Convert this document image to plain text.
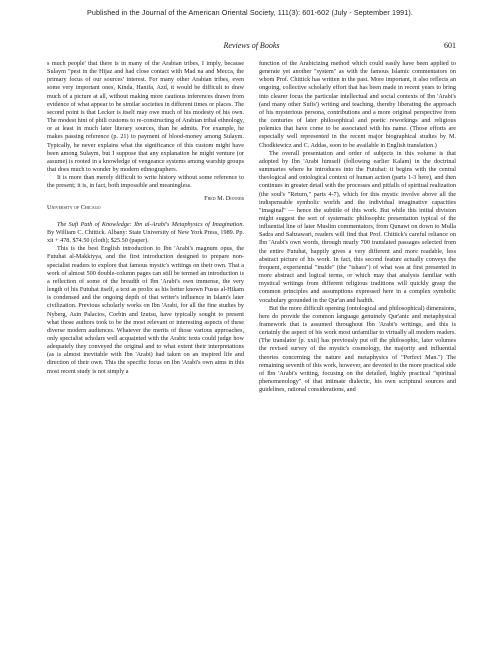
Published in the Journal of the American Oriental Society, 111(3): 601-602 (July - September 1991).
Reviews of Books	601

s much people' that there is in many of the Arabian tribes, I imply, because Sulaym "pest in the Hijaz and had close contact with Mad na and Mecca, the primary focus of our sources' interest. For many other Arabian tribes, even some very important ones, Kinda, Hanifa, Azd, it would be difficult to draw much of a picture at all, without making more cautious inferences drawn from evidence of what appear to be similar societies in different times or places. The second point is that Lecker is itself may owe much of his modesty of his own. The modest hint of phili customs to re-constructing of Arabian tribal ethnology, or at least in much later literary sources, than he admits. For example, he makes passing reference (p. 21) to payment of blood-money among Sulaym. Typically, he never explains what the significance of this custom might have been among Sulaym, but I suppose that any explanation he might venture (or assume) is rooted in a knowledge of vengeance systems among warship groups that does much to wonder by modern ethnographers.

It is more than merely difficult to write history without some reference to the present; it is, in fact, both impossible and meaningless.

Fred M. Donner
University of Chicago

The Sufi Path of Knowledge: Ibn al-Arabi's Metaphysics of Imagination. By William C. Chittick. Albany: State University of New York Press, 1989. Pp. xii + 478. $74.50 (cloth); $25.50 (paper).

This is the best English introduction to Ibn 'Arabi's magnum opus, the Futuhat al-Makkiyya, and the first introduction designed to prepare non-specialist readers to explore that famous mystic's writings on their own. That a work of almost 500 double-column pages can still be termed an introduction is a reflection of some of the breadth of Ibn 'Arabi's own immense, the very length of his Futuhat itself, a text as prolix as his better known Fusus al-Hikam is condensed and the ongoing depth of that writer's influence in Islam's later civilization. Previous scholarly works on Ibn 'Arabi, for all the fine studies by Nyberg, Asin Palacios, Corbin and Izutsu, have typically sought to present what those authors took to be the most relevant or interesting aspects of these diverse modern audiences. Whatever the merits of those various approaches, only specialist scholars well acquainted with the Arabic texts could judge how adequately they conveyed the original and to what extent their interpretations (as is almost inevitable with Ibn 'Arabi) had taken on an inspired life and direction of their own. This the specific focus on Ibn 'Arabi's own aims in this most recent study is not simply a

function of the Arabicizing method which could easily have been applied to generate yet another "system" as with the famous Islamic commentators on whom Prof. Chittick has written in the past. More important, it also reflects an ongoing, collective scholarly effort that has been made in recent years to bring into clearer focus the particular intellectual and social contexts of Ibn 'Arabi's (and many other Sufis') writing and teaching, thereby liberating the approach of his mysterious persona, contributions and a more original perspective from the centuries of later philosophical and poetic reworkings and religious polemics that have come to be associated with his name. (Those efforts are especially well represented in the recent major biographical studies by M. Chodkiewicz and C. Addas, soon to be available in English translation.)

The overall presentation and order of subjects in this volume is that adopted by Ibn 'Arabi himself (following earlier Kalam) in the doctrinal summaries where he introduces into the Futuhat: it begins with the central theological and ontological context of human action (parts 1-3 here), and then continues in greater detail with the processes and pitfalls of spiritual realization (the soul's "Return," parts 4-7), which for this mystic involve above all the indispensable symbolic worlds and the individual imaginative capacities "imaginal" — hence the subtitle of this work. But while this initial division might suggest the sort of systematic philosophic presentation typical of the influential line of later Muslim commentators, from Qunawi on down to Mulla Sadra and Sabzawari, readers will find that Prof. Chittick's careful reliance on Ibn 'Arabi's own words, through nearly 700 translated passages selected from the entire Futuhat, happily gives a very different and more readable, less abstract picture of his work. In fact, this second feature actually conveys the frequent, experiential "inside" (the "ishara") of what was at first presented in more abstract and logical terms, or which may that analysis familiar with mystical writings from different religious traditions will quickly grasp the common principles and assumptions expressed here in a complex symbolic vocabulary grounded in the Qur'an and hadith.

But the more difficult opening (ontological and philosophical) dimensions, here do provide the common language genuinely Qur'anic and metaphysical framework that is assumed throughout Ibn 'Arabi's writings, and this is certainly the aspect of his work most unfamiliar to virtually all modern readers. (The translator [p. xxii] has previously put off the philosophic, later volumes the revised survey of the mystic's cosmology, the majority and influential theories concerning the nature and metaphysics of "Perfect Man.") The remaining seventh of this work, however, are devoted to the more practical side of Ibn 'Arabi's writing, focusing on the detailed, highly practical "spiritual phenomenology" of that intimate dialectic, his own scriptural sources and guidelines, rational considerations, and
